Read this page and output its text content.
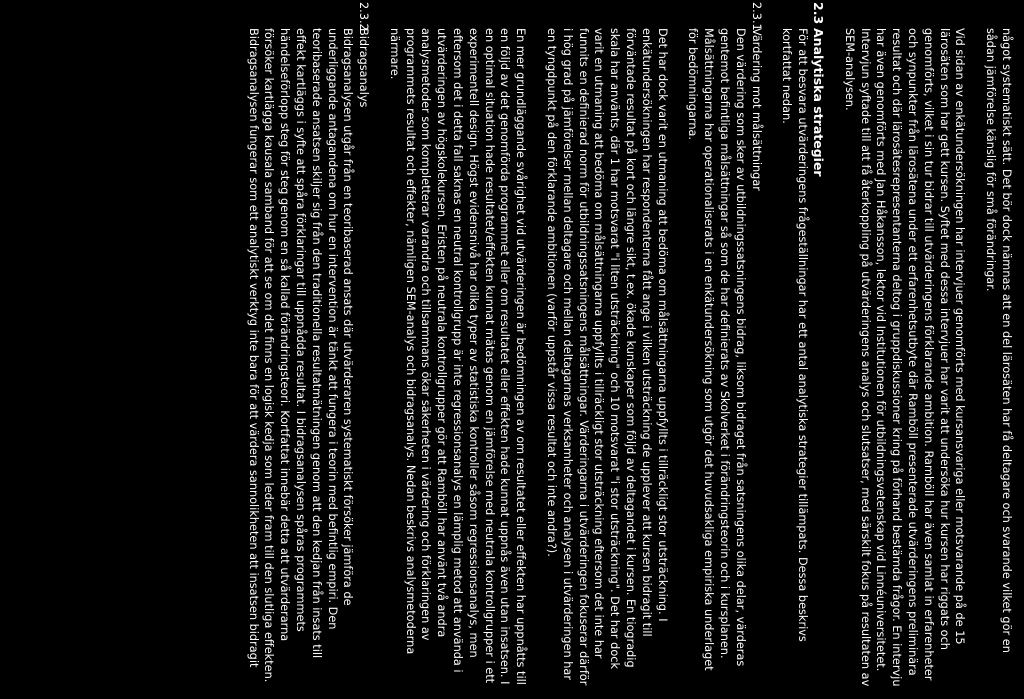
något systematiskt sätt. Det bör dock nämnas att en del lärosäten har få deltagare och svarande vilket gör en sådan jämförelse känslig för små förändringar.

Vid sidan av enkätundersökningen har intervjuer genomförts med kursansvariga eller motsvarande på de 15 lärosäten som har gett kursen. Syftet med dessa intervjuer har varit att undersöka hur kursen har riggats och genomförts, vilket i sin tur bidrar till utvärderingens förklarande ambition. Ramböll har även samlat in erfarenheter och synpunkter från lärosätena under ett erfarenhetsutbyte där Ramböll presenterade utvärderingens preliminära resultat och där lärosätesrepresentanterna deltog i gruppdiskussioner kring på förhand bestämda frågor. En intervju har även genomförts med Jan Håkansson, lektor vid Institutionen för utbildningsvetenskap vid Linnéuniversitetet. Intervjun syftade till att få återkoppling på utvärderingens analys och slutsatser, med särskilt fokus på resultaten av SEM-analysen.

2.3
Analytiska strategier

För att besvara utvärderingens frågeställningar har ett antal analytiska strategier tillämpats. Dessa beskrivs kortfattat nedan.

2.3.1
Värdering mot målsättningar

Den värdering som sker av utbildningssatsningens bidrag, liksom bidraget från satsningens olika delar, värderas gentemot befintliga målsättningar så som de har definierats av Skolverket i förändringsteorin och i kursplanen. Målsättningarna har operationaliserats i en enkätundersökning som utgör det huvudsakliga empiriska underlaget för bedömningarna.

Det har dock varit en utmaning att bedöma om målsättningarna uppfyllts i tillräckligt stor utsträckning. I enkätundersökningen har respondenterna fått ange i vilken utsträckning de upplever att kursen bidragit till förväntade resultat på kort och längre sikt, t.ex. ökade kunskaper som följd av deltagandet i kursen. En tiogradig skala har använts, där 1 har motsvarat "i liten utsträckning" och 10 motsvarat "i stor utsträckning". Det har dock varit en utmaning att bedöma om målsättningarna uppfyllts i tillräckligt stor utsträckning eftersom det inte har funnits en definierad norm för utbildningssatsningens målsättningar. Värderingarna i utvärderingen fokuserar därför i hög grad på jämförelser mellan deltagare och mellan deltagarnas verksamheter och analysen i utvärderingen har en tyngdpunkt på den förklarande ambitionen (varför uppstår vissa resultat och inte andra?).

En mer grundläggande svårighet vid utvärderingen är bedömningen av om resultatet eller effekten har uppnåtts till en följd av det genomförda programmet eller om resultatet eller effekten hade kunnat uppnås även utan insatsen. I en optimal situation hade resultatet/effekten kunnat mätas genom en jämförelse med neutrala kontrollgrupper i ett experimentell design. Högst evidensnivå har olika typer av statistiska kontroller såsom regressionsanalys, men eftersom det i detta fall saknas en neutral kontrollgrupp är inte regressionsanalys en lämplig metod att använda i utvärderingen av högskolekursen. Eristen på neutrala kontrollgrupper gör att Ramböll har använt två andra analysmetoder som kompletterar varandra och tillsammans ökar säkerheten i värdering och förklaringen av programmets resultat och effekter, nämligen SEM-analys och bidragsanalys. Nedan beskrivs analysmetoderna närmare.

2.3.2
Bidragsanalys

Bidragsanalysen utgår från en teoribaserad ansats där utvärderaren systematiskt försöker jämföra de underliggande antagandena om hur en intervention är tänkt att fungera i teorin med befintlig empiri. Den teoribaserade ansatsen skiljer sig från den traditionella resultatmätningen genom att den kedjan från insats till effekt kartläggs i syfte att spåra förklaringar till uppnådda resultat. I bidragsanalysen spåras programmets händelseförlopp steg för steg genom en så kallad förändringsteori. Kortfattat innebär detta att utvärderarna försöker kartlägga kausala samband för att se om det finns en logisk kedja som leder fram till den slutliga effekten. Bidragsanalysen fungerar som ett analytiskt verktyg inte bara för att värdera sannolikheten att insatsen bidragit
